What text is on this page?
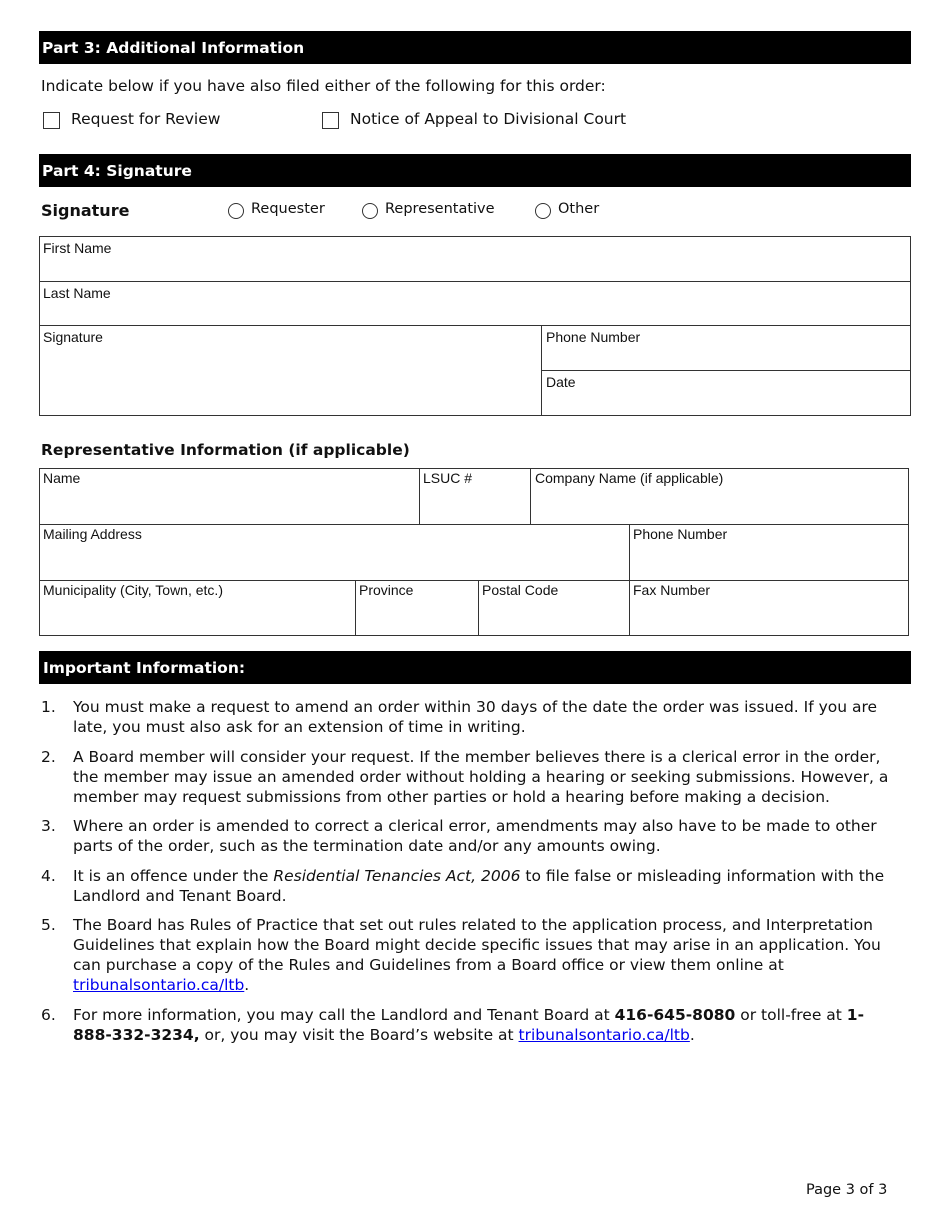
Part 3: Additional Information
Indicate below if you have also filed either of the following for this order:
Request for Review	Notice of Appeal to Divisional Court
Part 4: Signature
Signature	Requester	Representative	Other
First Name
Last Name
Signature	Phone Number
Date
Representative Information (if applicable)
Name	LSUC #	Company Name (if applicable)
Mailing Address	Phone Number
Municipality (City, Town, etc.)	Province	Postal Code	Fax Number
Important Information:
1. You must make a request to amend an order within 30 days of the date the order was issued. If you are late, you must also ask for an extension of time in writing.
2. A Board member will consider your request. If the member believes there is a clerical error in the order, the member may issue an amended order without holding a hearing or seeking submissions. However, a member may request submissions from other parties or hold a hearing before making a decision.
3. Where an order is amended to correct a clerical error, amendments may also have to be made to other parts of the order, such as the termination date and/or any amounts owing.
4. It is an offence under the Residential Tenancies Act, 2006 to file false or misleading information with the Landlord and Tenant Board.
5. The Board has Rules of Practice that set out rules related to the application process, and Interpretation Guidelines that explain how the Board might decide specific issues that may arise in an application. You can purchase a copy of the Rules and Guidelines from a Board office or view them online at tribunalsontario.ca/ltb.
6. For more information, you may call the Landlord and Tenant Board at 416-645-8080 or toll-free at 1-888-332-3234, or, you may visit the Board’s website at tribunalsontario.ca/ltb.
Page 3 of 3
